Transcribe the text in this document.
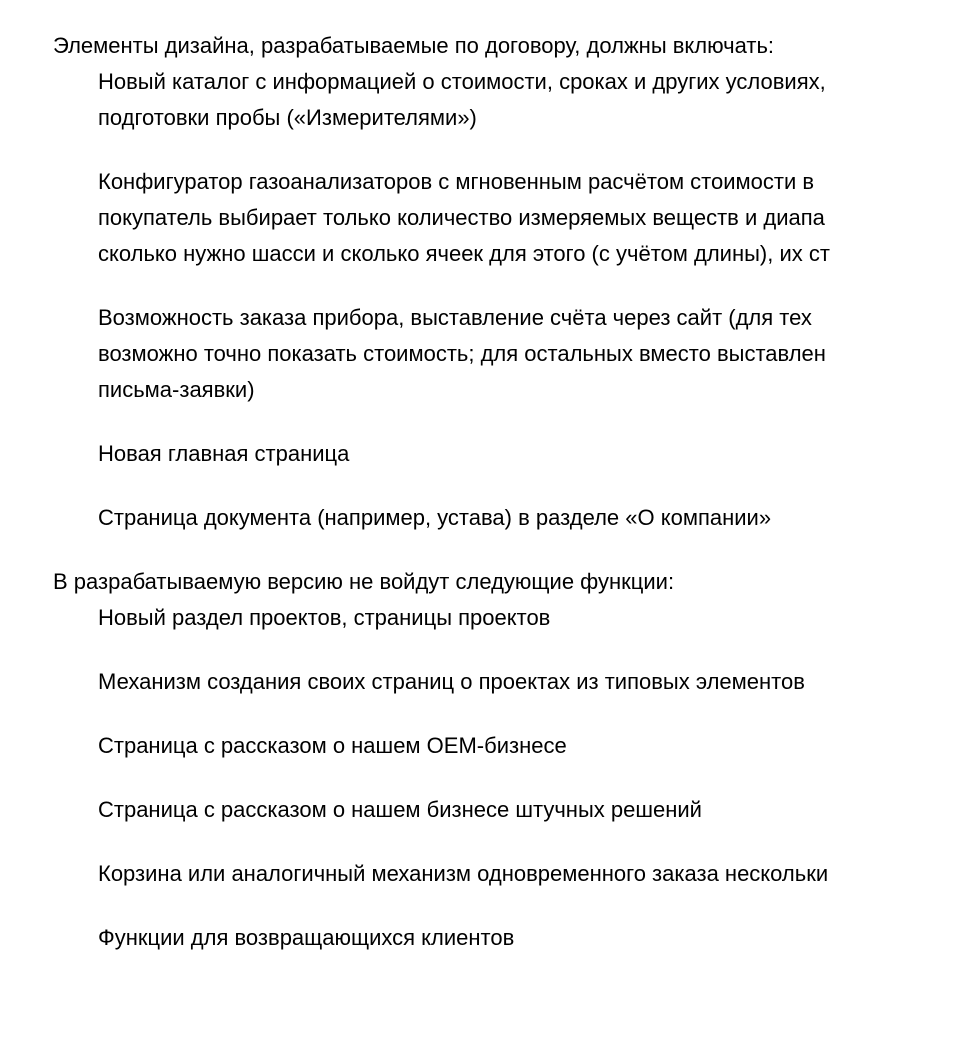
Элементы дизайна, разрабатываемые по договору, должны включать:

Новый каталог с информацией о стоимости, сроках и других условиях,
подготовки пробы («Измерителями»)
Конфигуратор газоанализаторов с мгновенным расчётом стоимости в
покупатель выбирает только количество измеряемых веществ и диапа
сколько нужно шасси и сколько ячеек для этого (с учётом длины), их ст
Возможность заказа прибора, выставление счёта через сайт (для тех
возможно точно показать стоимость; для остальных вместо выставлен
письма-заявки)
Новая главная страница
Страница документа (например, устава) в разделе «О компании»

В разрабатываемую версию не войдут следующие функции:

Новый раздел проектов, страницы проектов
Механизм создания своих страниц о проектах из типовых элементов
Страница с рассказом о нашем ОЕМ-бизнесе
Страница с рассказом о нашем бизнесе штучных решений
Корзина или аналогичный механизм одновременного заказа нескольки
Функции для возвращающихся клиентов
